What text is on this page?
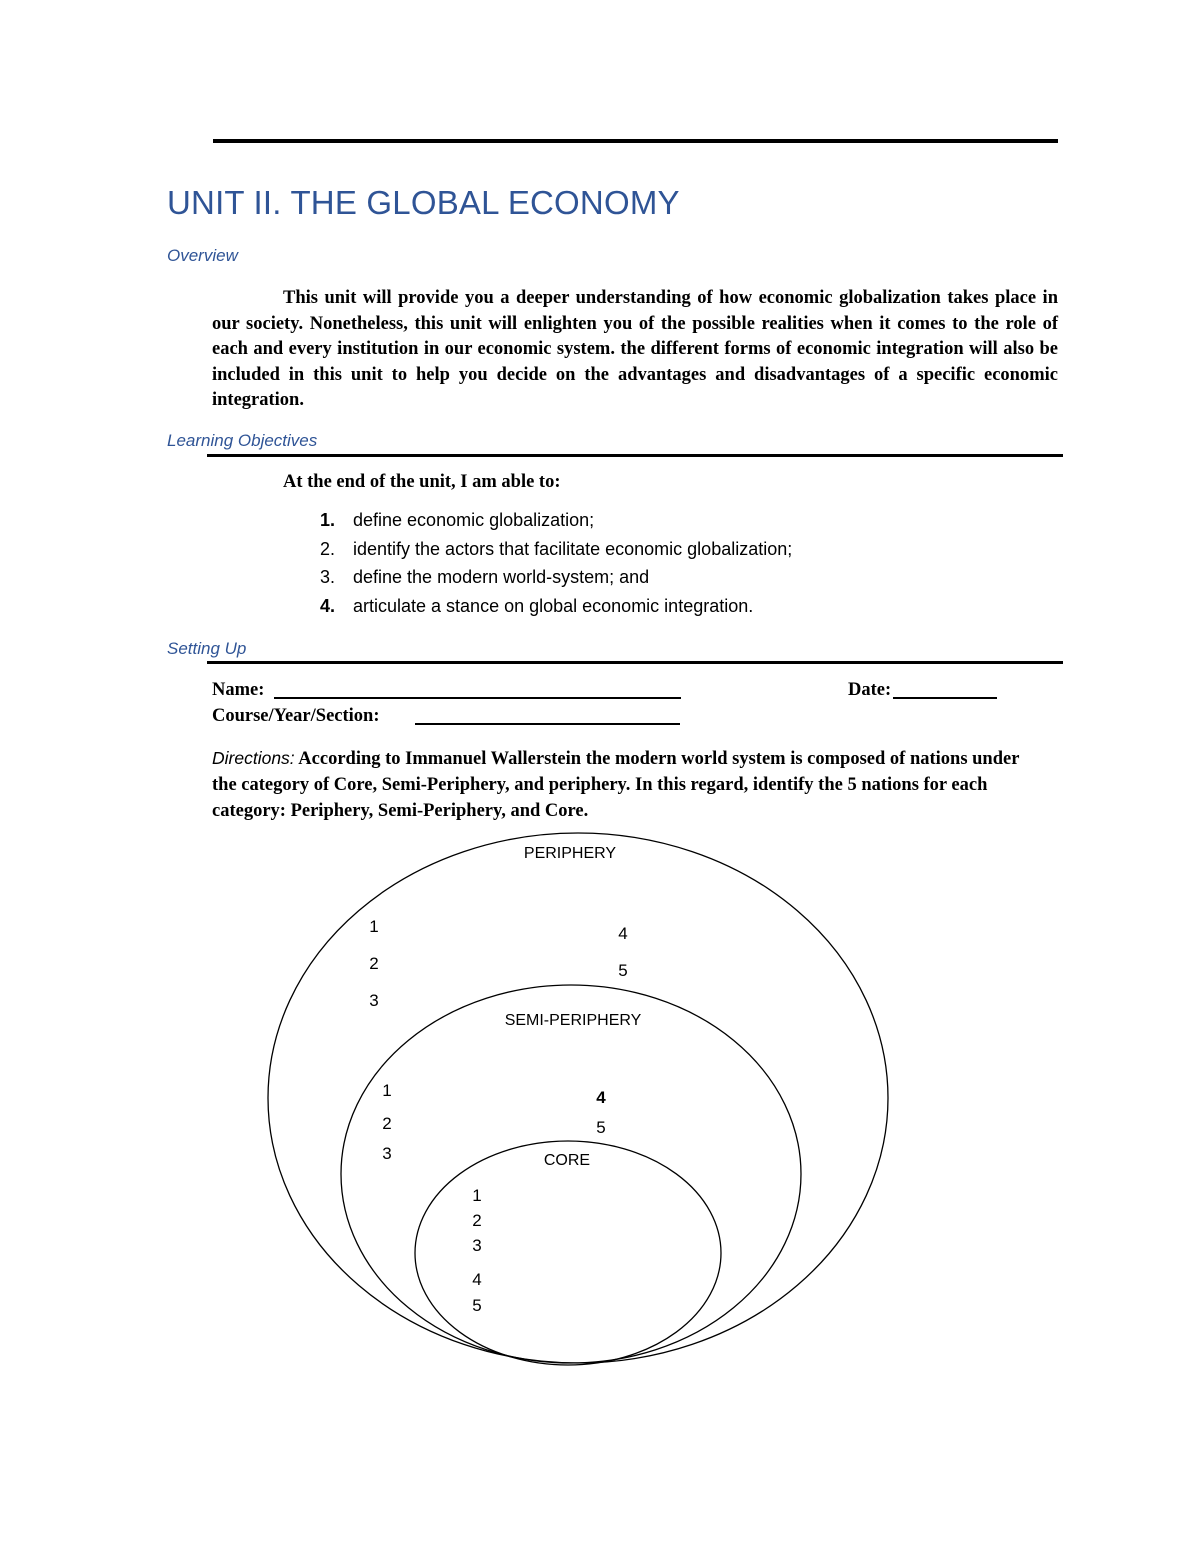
UNIT II. THE GLOBAL ECONOMY
Overview

This unit will provide you a deeper understanding of how economic globalization takes place in our society. Nonetheless, this unit will enlighten you of the possible realities when it comes to the role of each and every institution in our economic system. the different forms of economic integration will also be included in this unit to help you decide on the advantages and disadvantages of a specific economic integration.

Learning Objectives
At the end of the unit, I am able to:
1. define economic globalization;
2. identify the actors that facilitate economic globalization;
3. define the modern world-system; and
4. articulate a stance on global economic integration.
Setting Up
Name:	Date:
Course/Year/Section:

Directions: According to Immanuel Wallerstein the modern world system is composed of nations under the category of Core, Semi-Periphery, and periphery. In this regard, identify the 5 nations for each category: Periphery, Semi-Periphery, and Core.

PERIPHERY
1
2
3
4
5
SEMI-PERIPHERY
1
2
3
4
5
CORE
1
2
3
4
5
